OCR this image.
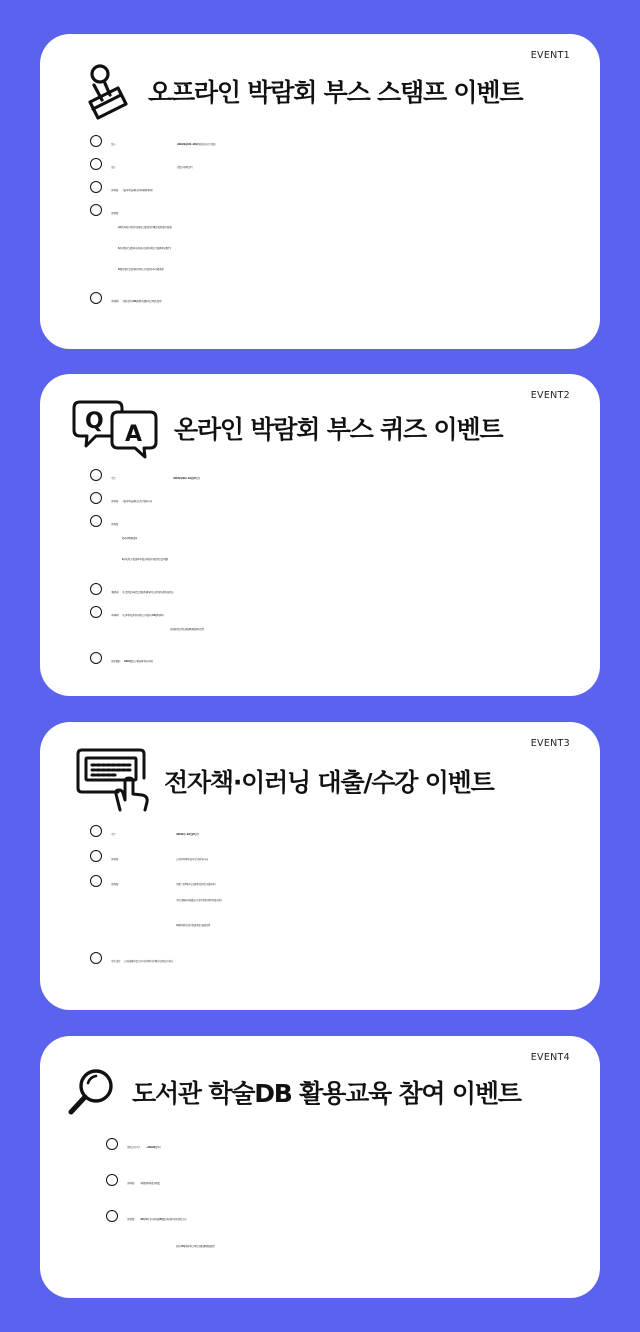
EVENT1
오프라인 박람회 부스 스탬프 이벤트
일 시 :	2024. 9. 24.(화) 10:00 ~ 16:00 (추첨권 소진 시 조기 마감)
장 소 :	중앙도서관 1층 로비
참여대상 : 서울과학기술대학교 학부, 대학원 재학생
참여방법
Ⅰ. 1, 2층 안내부스에서 참가 등록 및 스탬프 용지 수령!(모바일 학생증 지참 필)
Ⅱ. 전자정보부스 방문하여 교육 및 시연 참가 후 확인 스탬프(4개 이상) 받기!
Ⅲ. 1층 안내부스로 돌아와서 만족도 조사 완료 후 즉시 경품 추첨!
추가혜택 : 선착순 참가자 100명에게 기념품(피너츠 북엔드) 증정!
EVENT2
Q
A 온라인 박람회 부스 퀴즈 이벤트
기 간 :	2024. 9. 5.(목) 09:00 ~ 10. 6.(일) (32일 간)
참여대상 : 서울과학기술대학교 소속 구성원 누구나
참여방법
Ⅰ. 온라인 박람회 접속!
Ⅱ. 온라인 부스에 입장하여 이용 교육 영상 시청 및 퀴즈 답안 제출!
경품추첨 : 부스별 정답자 대상으로 경품 추첨!(여러 부스 중복 참여 ·중복 당첨 가능)
추가혜택 : 부스 4개 이상 참여 후 만족도 조사 완료 시 100명 추첨하여
써브웨이 샌드위치 교환권(1만원권) 추가 증정!
당첨자발표 : 2024. 10월 중 도서관 홈페이지 공지사항
EVENT3
전자책·이러닝 대출/수강 이벤트
기 간 :	2024. 9. 5.(목) ~ 10. 6.(일) (32일 간)
참여대상 :	도서관 전자책·이러닝서비스 이용자 누구나
참여방법 :	이벤트 기간 9개 서비스 중 2개 이상 서비스에 접속하여
서비스별 1회 이상 대출 또는 수강 후 이벤트 페이지에 응모하면
10명 추첨하여 교촌 치킨콜라세트 교환권 증정!
서비스접속 : 도서관 홈페이지 로그인 > 자료검색 > 전자책·오디오북또는 이러닝
EVENT4
도서관 학술DB 활용교육 참여 이벤트
만족도조사 기간 :	~ 2024. 10. 6.(일) 까지
참여대상 :	대학원생, 학부생, 교직원 등
참여방법 :	2024년 2학기 도서관 학술DB 활용교육에 참가한 후 만족도 조사
완료시 25명 추첨하여 스타벅스상품권(1만원권) 증정
